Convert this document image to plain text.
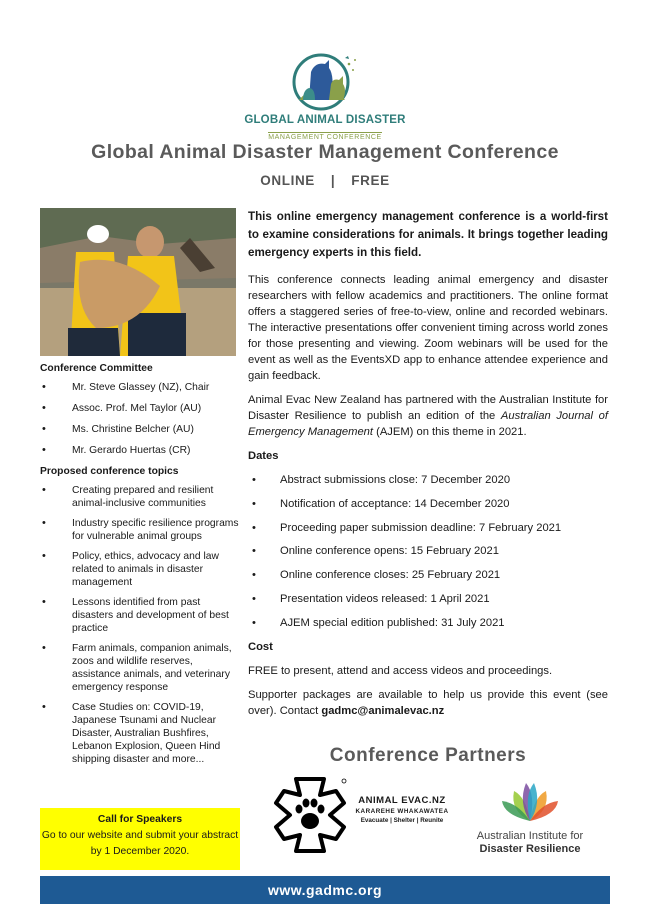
GLOBAL ANIMAL DISASTER
MANAGEMENT CONFERENCE
Global Animal Disaster Management Conference
ONLINE | FREE
Conference Committee
• Mr. Steve Glassey (NZ), Chair
• Assoc. Prof. Mel Taylor (AU)
• Ms. Christine Belcher (AU)
• Mr. Gerardo Huertas (CR)
Proposed conference topics
• Creating prepared and resilient animal-inclusive communities
• Industry specific resilience programs for vulnerable animal groups
• Policy, ethics, advocacy and law related to animals in disaster management
• Lessons identified from past disasters and development of best practice
• Farm animals, companion animals, zoos and wildlife reserves, assistance animals, and veterinary emergency response
• Case Studies on: COVID-19, Japanese Tsunami and Nuclear Disaster, Australian Bushfires, Lebanon Explosion, Queen Hind shipping disaster and more...
Call for Speakers
Go to our website and submit your abstract by 1 December 2020.

This online emergency management conference is a world-first to examine considerations for animals. It brings together leading emergency experts in this field.

This conference connects leading animal emergency and disaster researchers with fellow academics and practitioners. The online format offers a staggered series of free-to-view, online and recorded webinars. The interactive presentations offer convenient timing across world zones for those presenting and viewing. Zoom webinars will be used for the event as well as the EventsXD app to enhance attendee experience and gain feedback.

Animal Evac New Zealand has partnered with the Australian Institute for Disaster Resilience to publish an edition of the Australian Journal of Emergency Management (AJEM) on this theme in 2021.

Dates
• Abstract submissions close: 7 December 2020
• Notification of acceptance: 14 December 2020
• Proceeding paper submission deadline: 7 February 2021
• Online conference opens: 15 February 2021
• Online conference closes: 25 February 2021
• Presentation videos released: 1 April 2021
• AJEM special edition published: 31 July 2021
Cost

FREE to present, attend and access videos and proceedings.

Supporter packages are available to help us provide this event (see over). Contact gadmc@animalevac.nz

Conference Partners
ANIMAL EVAC.NZ
KARAREHE WHAKAWATEA
Evacuate | Shelter | Reunite
Australian Institute for
Disaster Resilience
www.gadmc.org
